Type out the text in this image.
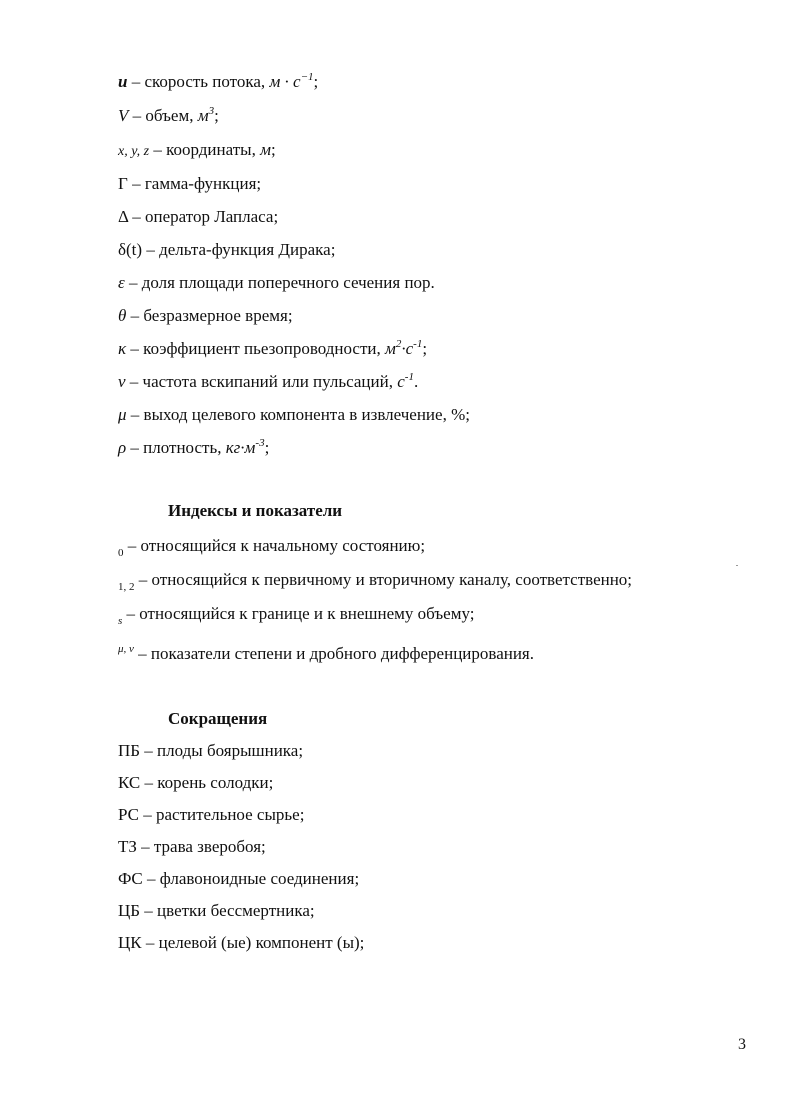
u – скорость потока, $м \cdot с^{-1}$;
V – объем, $м^3$;
x, y, z – координаты, м;
Γ – гамма-функция;
Δ – оператор Лапласа;
δ(t) – дельта-функция Дирака;
ε – доля площади поперечного сечения пор.
θ – безразмерное время;
κ – коэффициент пьезопроводности, $м^2\cdot с^{-1}$;
ν – частота вскипаний или пульсаций, $с^{-1}$.
μ – выход целевого компонента в извлечение, %;
ρ – плотность, $кг\cdot м^{-3}$;
Индексы и показатели
$_0$ – относящийся к начальному состоянию;
$_{1, 2}$ – относящийся к первичному и вторичному каналу, соответственно;
$_s$ – относящийся к границе и к внешнему объему;
$^{\mu, \nu}$ – показатели степени и дробного дифференцирования.
Сокращения
ПБ – плоды боярышника;
КС – корень солодки;
РС – растительное сырье;
ТЗ – трава зверобоя;
ФС – флавоноидные соединения;
ЦБ – цветки бессмертника;
ЦК – целевой (ые) компонент (ы);
3
